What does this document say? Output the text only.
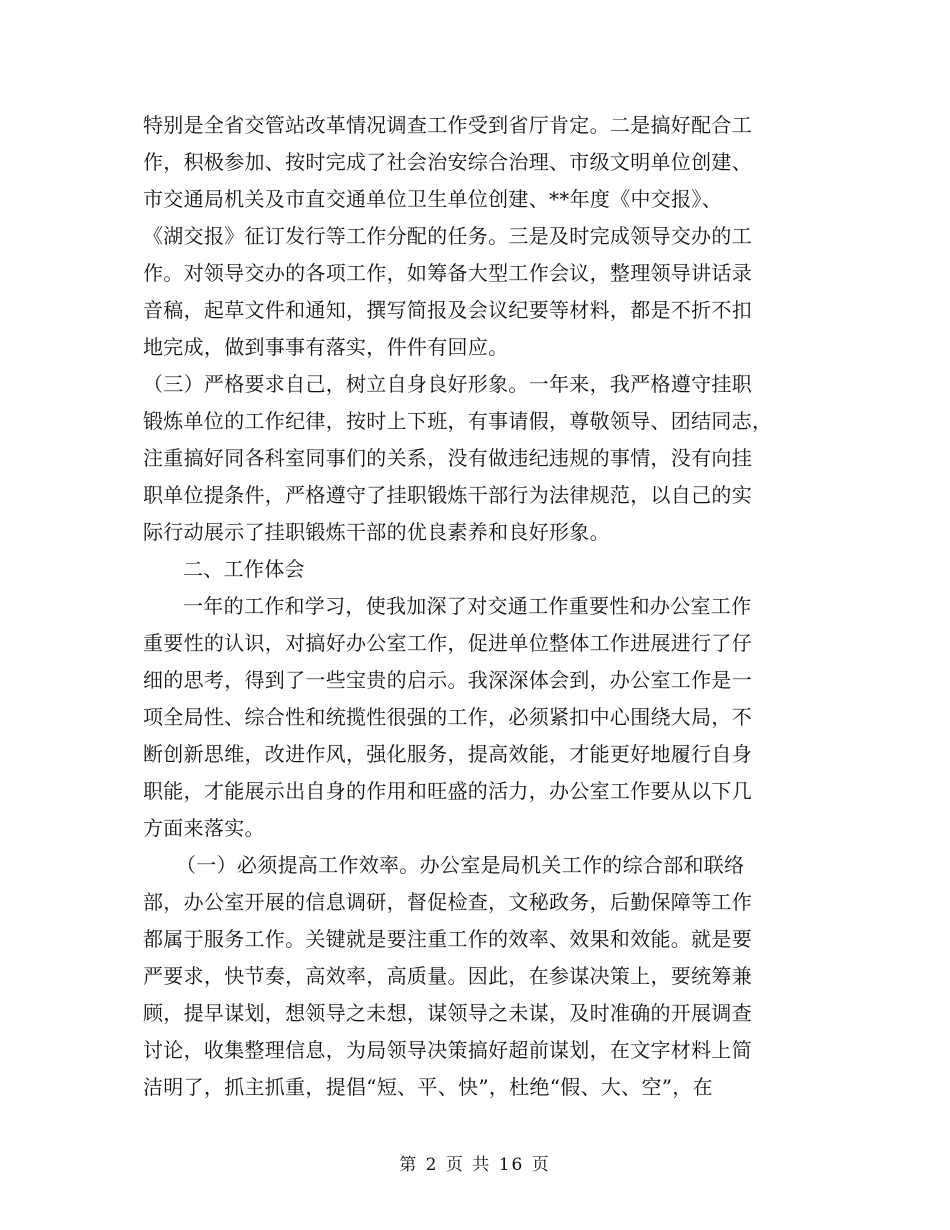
特别是全省交管站改革情况调查工作受到省厅肯定。二是搞好配合工
作，积极参加、按时完成了社会治安综合治理、市级文明单位创建、
市交通局机关及市直交通单位卫生单位创建、**年度《中交报》、
《湖交报》征订发行等工作分配的任务。三是及时完成领导交办的工
作。对领导交办的各项工作，如筹备大型工作会议，整理领导讲话录
音稿，起草文件和通知，撰写简报及会议纪要等材料，都是不折不扣
地完成，做到事事有落实，件件有回应。
（三）严格要求自己，树立自身良好形象。一年来，我严格遵守挂职
锻炼单位的工作纪律，按时上下班，有事请假，尊敬领导、团结同志，
注重搞好同各科室同事们的关系，没有做违纪违规的事情，没有向挂
职单位提条件，严格遵守了挂职锻炼干部行为法律规范，以自己的实
际行动展示了挂职锻炼干部的优良素养和良好形象。
二、工作体会
一年的工作和学习，使我加深了对交通工作重要性和办公室工作
重要性的认识，对搞好办公室工作，促进单位整体工作进展进行了仔
细的思考，得到了一些宝贵的启示。我深深体会到，办公室工作是一
项全局性、综合性和统揽性很强的工作，必须紧扣中心围绕大局，不
断创新思维，改进作风，强化服务，提高效能，才能更好地履行自身
职能，才能展示出自身的作用和旺盛的活力，办公室工作要从以下几
方面来落实。
（一）必须提高工作效率。办公室是局机关工作的综合部和联络
部，办公室开展的信息调研，督促检查，文秘政务，后勤保障等工作
都属于服务工作。关键就是要注重工作的效率、效果和效能。就是要
严要求，快节奏，高效率，高质量。因此，在参谋决策上，要统筹兼
顾，提早谋划，想领导之未想，谋领导之未谋，及时准确的开展调查
讨论，收集整理信息，为局领导决策搞好超前谋划，在文字材料上简
洁明了，抓主抓重，提倡“短、平、快”，杜绝“假、大、空”，在
第 2 页 共 16 页
